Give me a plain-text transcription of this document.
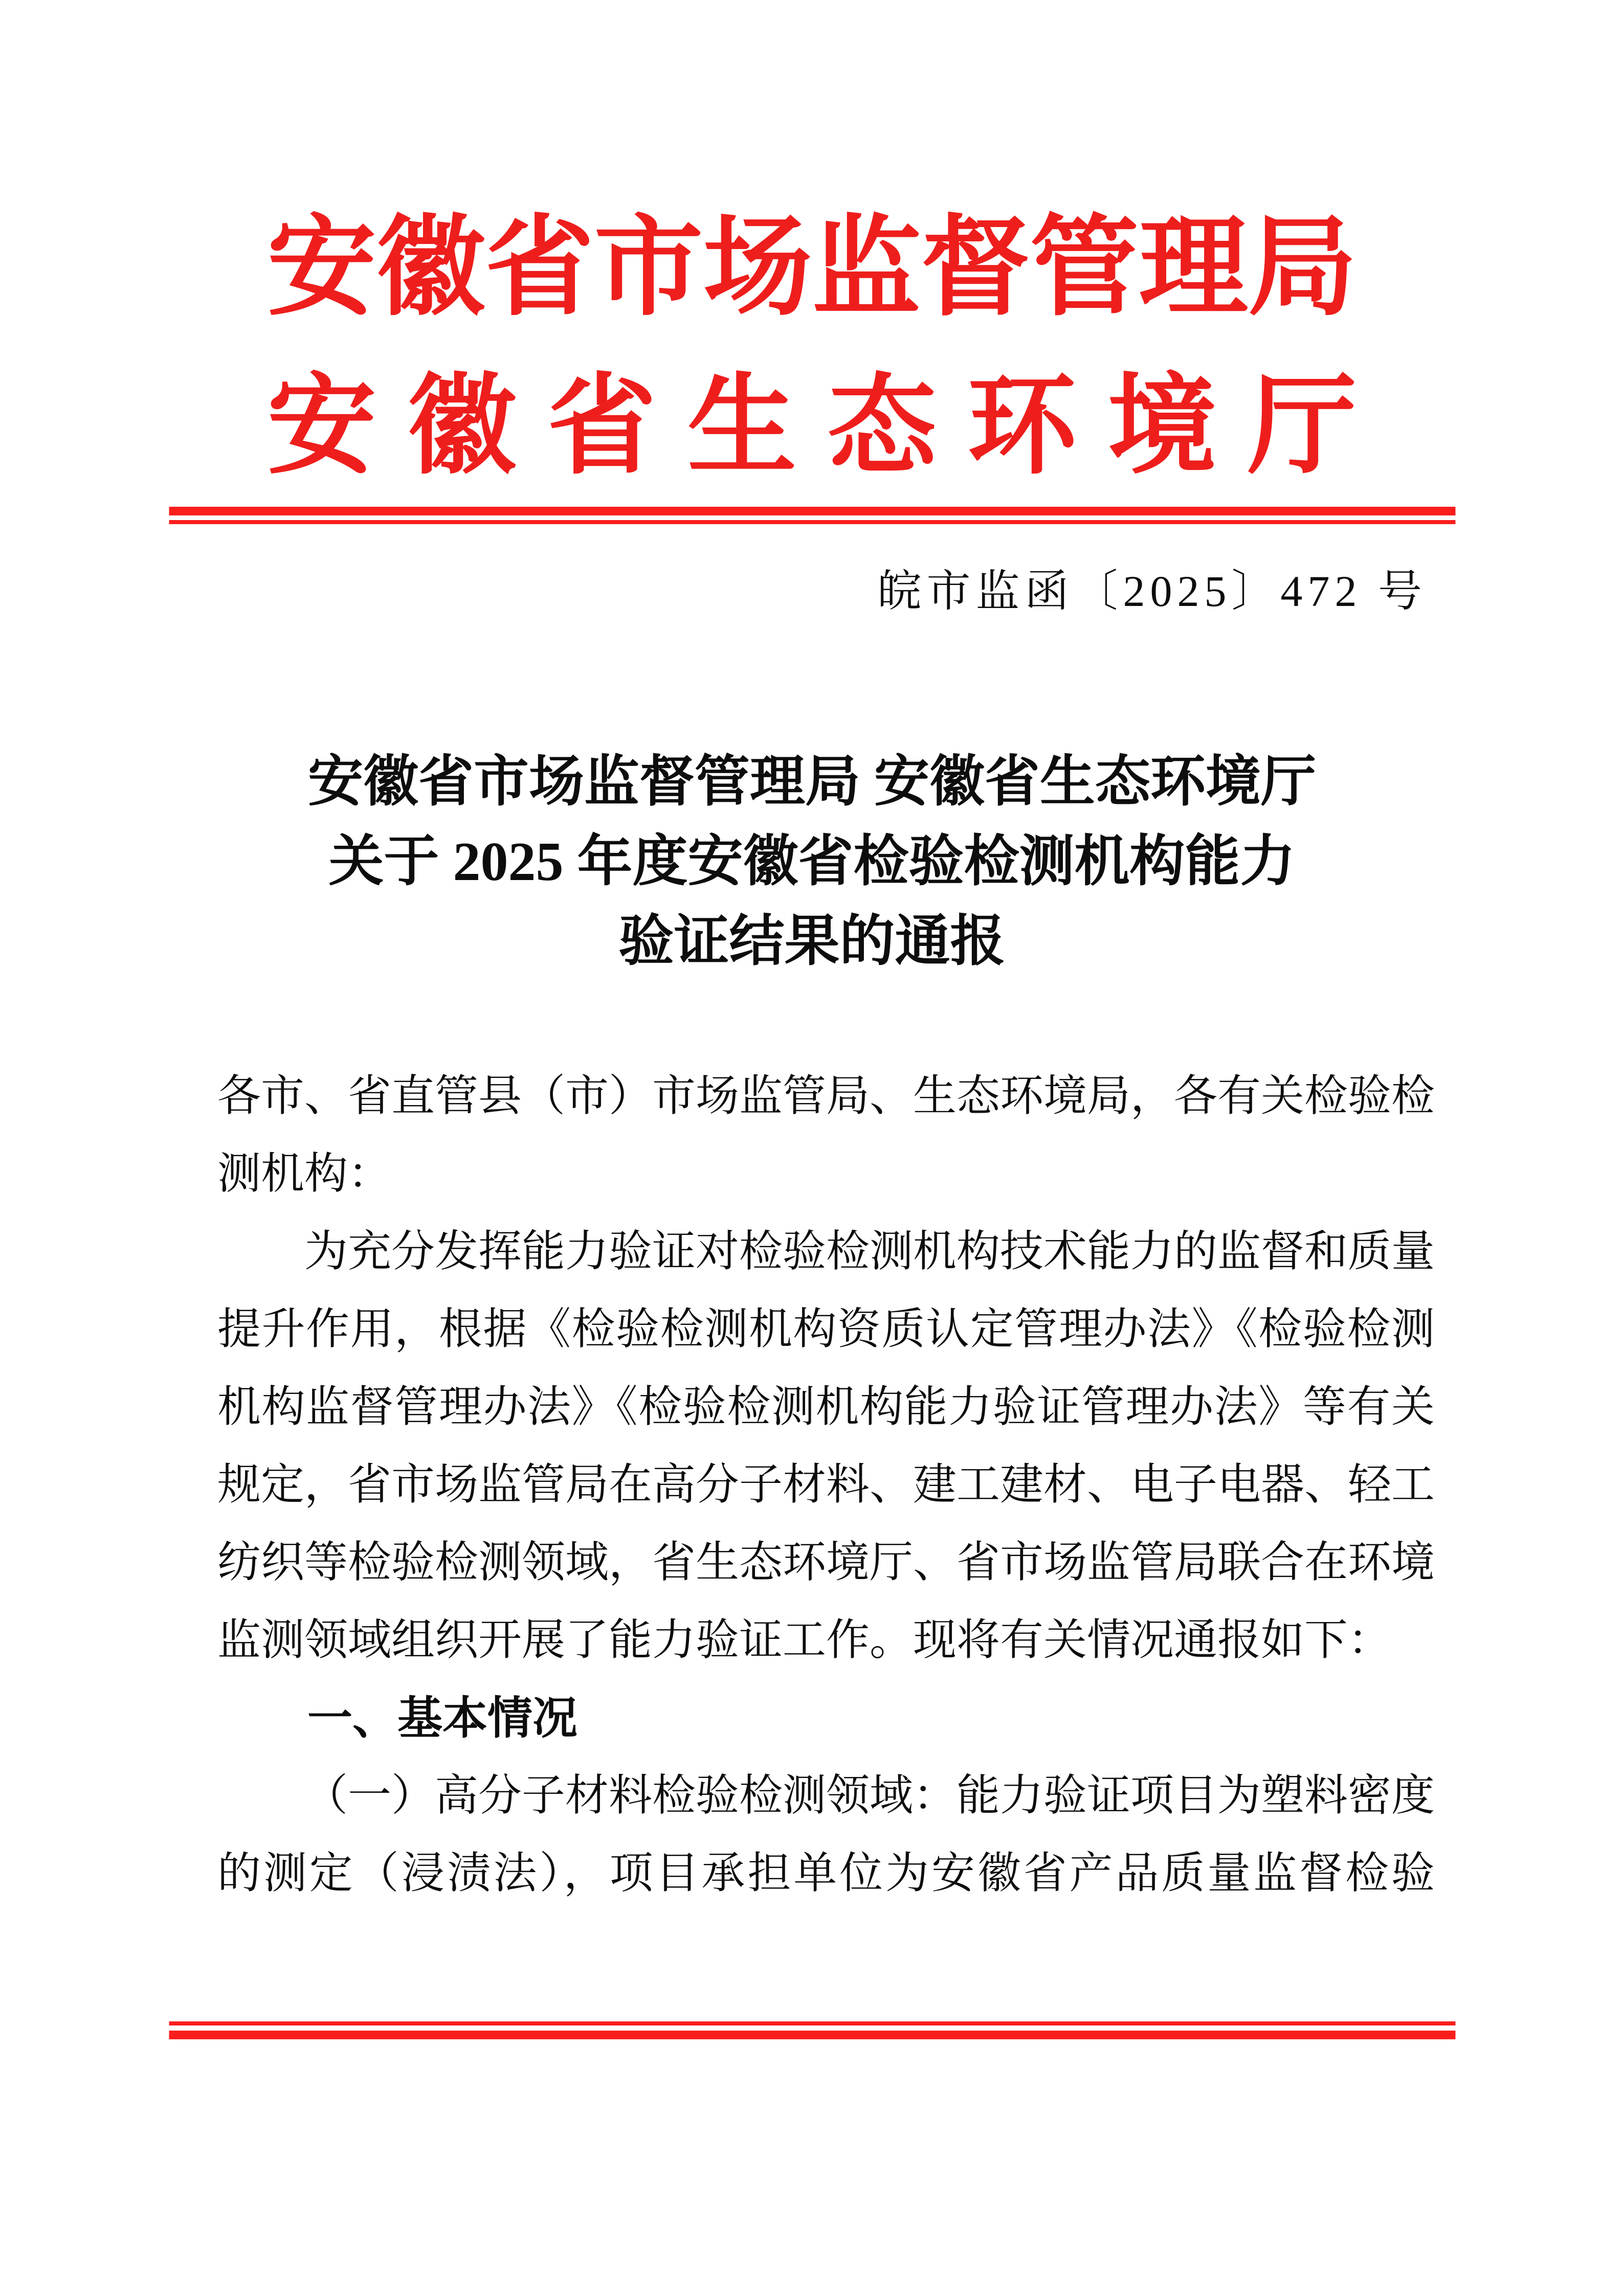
安 徽 省 市 场 监 督 管 理 局
安 徽 省 生 态 环 境 厅
皖市监函〔2025〕472 号
安徽省市场监督管理局 安徽省生态环境厅
关于 2025 年度安徽省检验检测机构能力
验证结果的通报

各市、省直管县（市）市场监管局、生态环境局，各有关检验检测机构：

为充分发挥能力验证对检验检测机构技术能力的监督和质量提升作用，根据《检验检测机构资质认定管理办法》《检验检测机构监督管理办法》《检验检测机构能力验证管理办法》等有关规定，省市场监管局在高分子材料、建工建材、电子电器、轻工纺织等检验检测领域，省生态环境厅、省市场监管局联合在环境监测领域组织开展了能力验证工作。现将有关情况通报如下：

一、基本情况

（一）高分子材料检验检测领域：能力验证项目为塑料密度的测定（浸渍法），项目承担单位为安徽省产品质量监督检验
